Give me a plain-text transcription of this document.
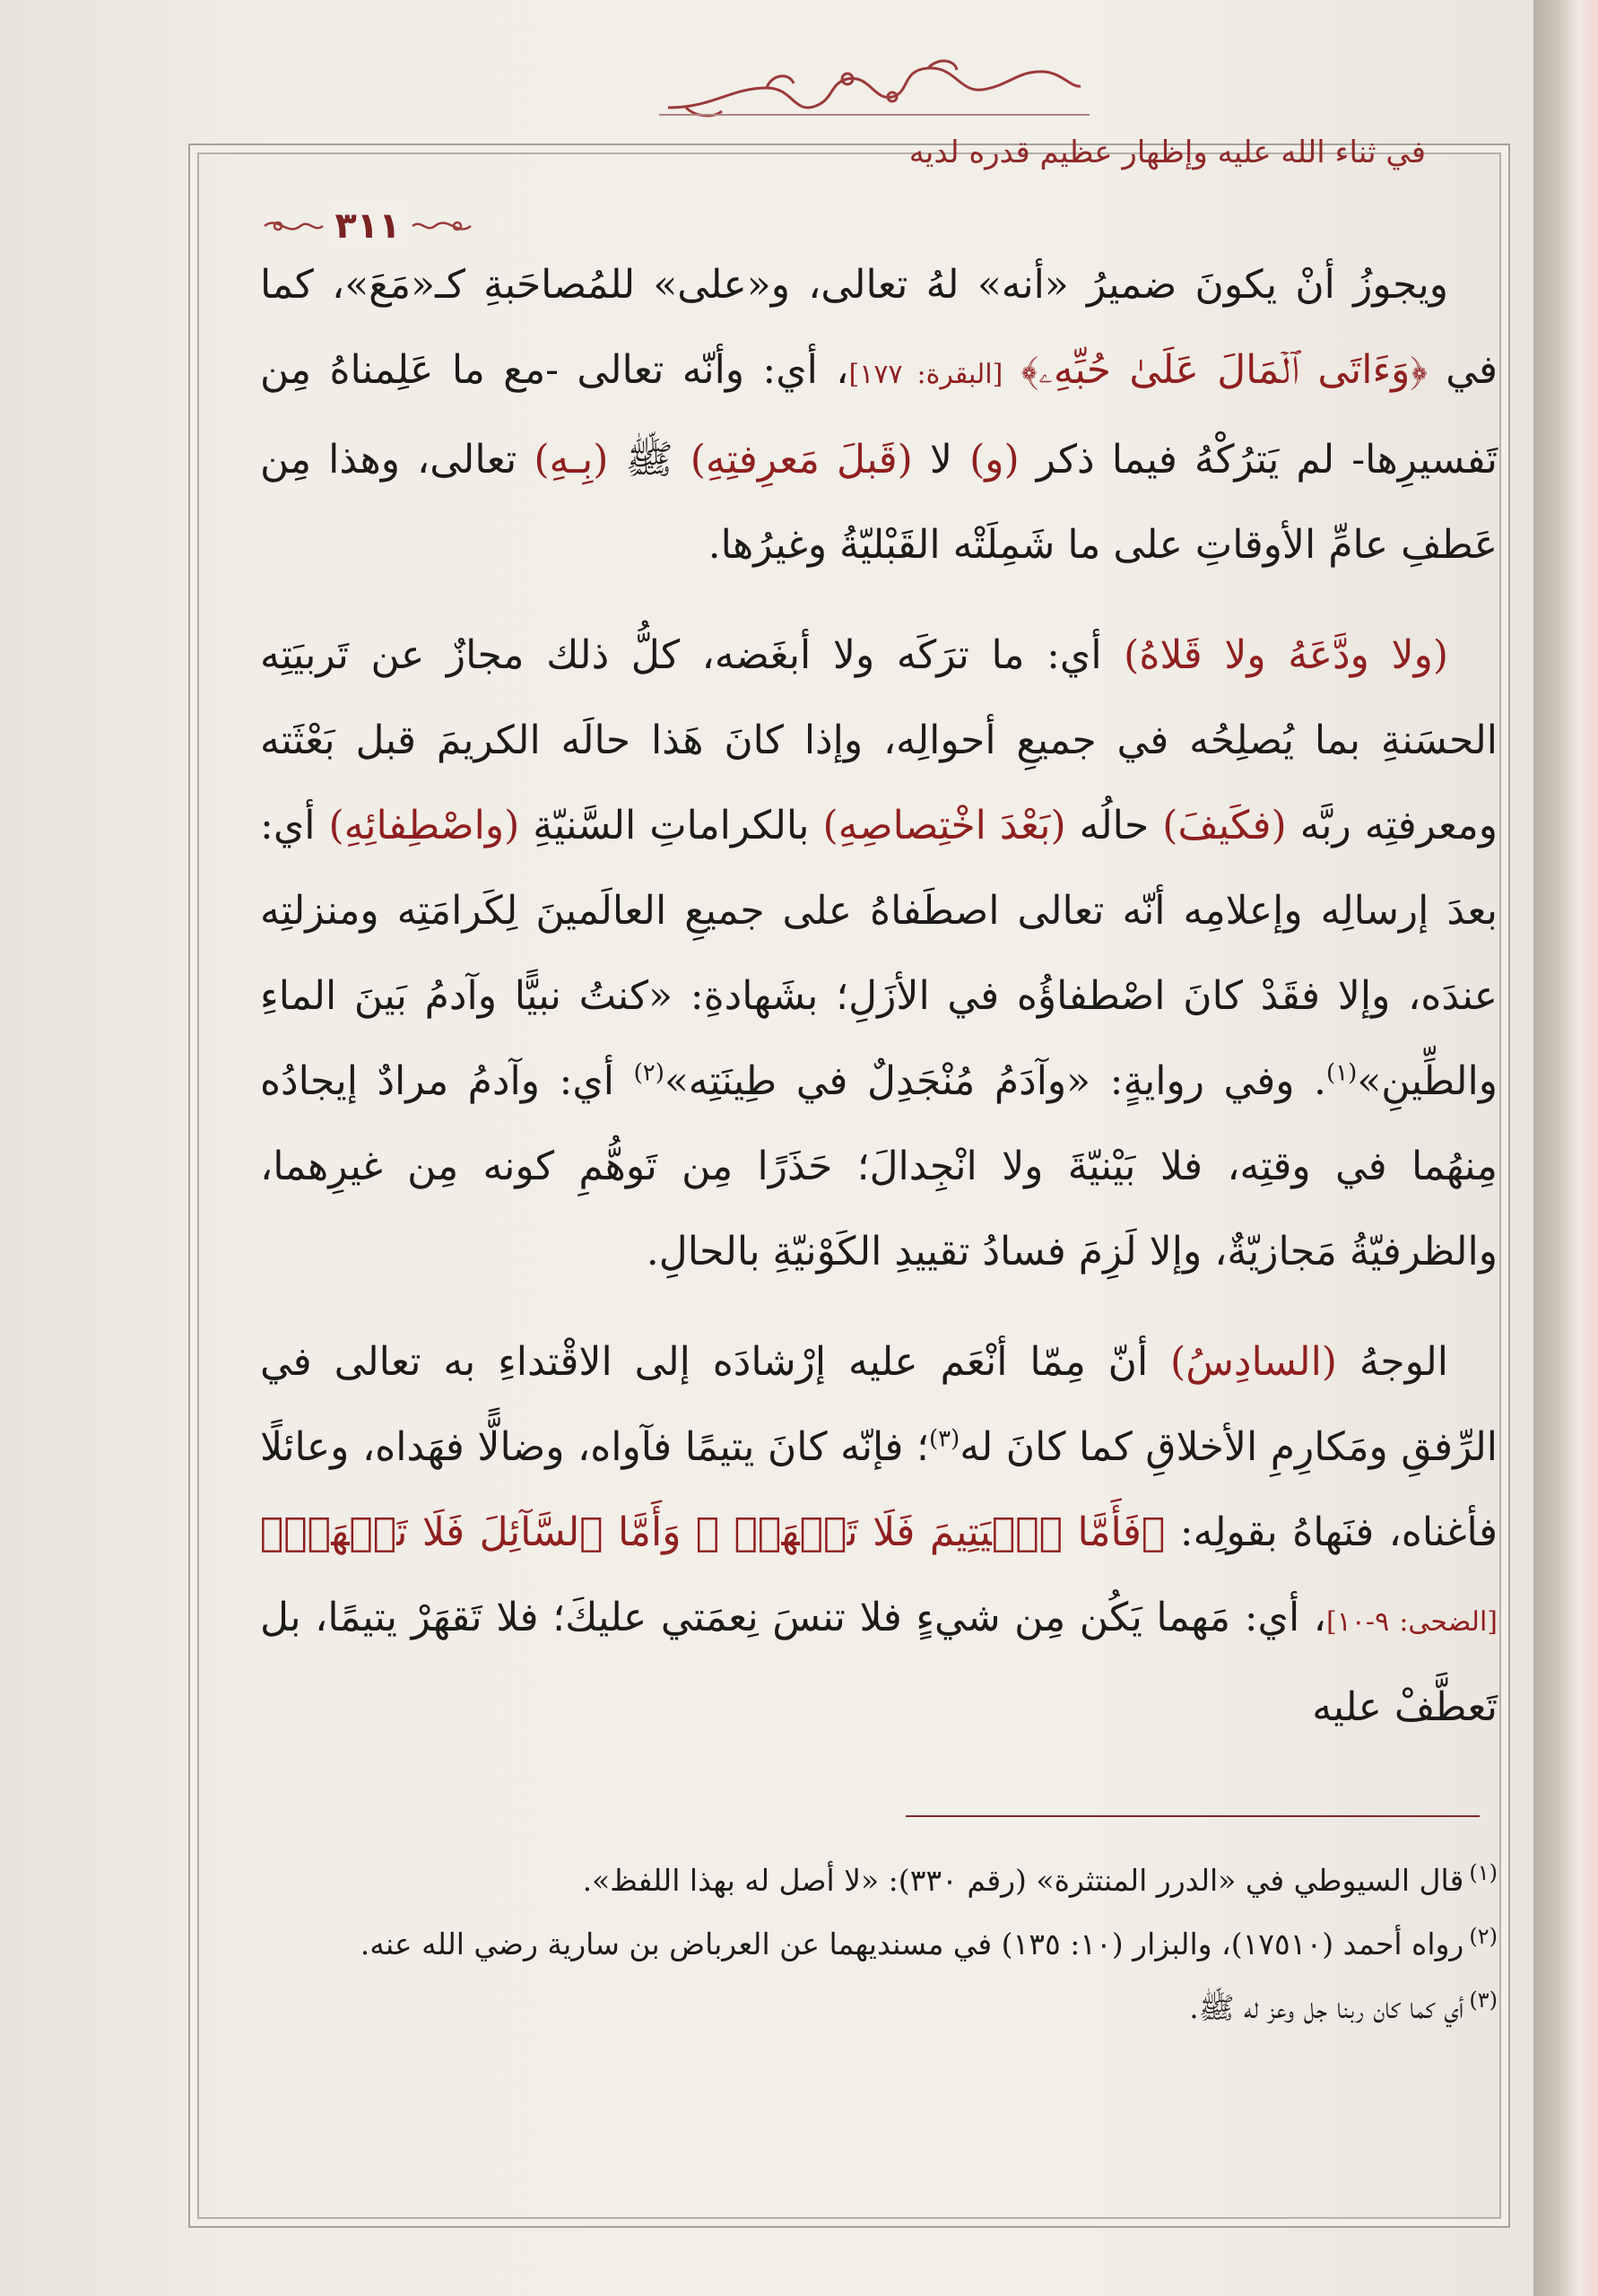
في ثناء الله عليه وإظهار عظيم قدره لديه
٣١١

ويجوزُ أنْ يكونَ ضميرُ «أنه» لهُ تعالى، و«على» للمُصاحَبةِ كـ«مَعَ»، كما في ﴿وَءَاتَى ٱلۡمَالَ عَلَىٰ حُبِّهِۦ﴾ [البقرة: ١٧٧]، أي: وأنّه تعالى -مع ما عَلِمناهُ مِن تَفسيرِها- لم يَترُكْهُ فيما ذكر (و) لا (قَبلَ مَعرِفتِهِ) ﷺ (بِـهِ) تعالى، وهذا مِن عَطفِ عامِّ الأوقاتِ على ما شَمِلَتْه القَبْليّةُ وغيرُها.

(ولا ودَّعَهُ ولا قَلاهُ) أي: ما ترَكَه ولا أبغَضه، كلُّ ذلك مجازٌ عن تَربيَتِه الحسَنةِ بما يُصلِحُه في جميعِ أحوالِه، وإذا كانَ هَذا حالَه الكريمَ قبل بَعْثَته ومعرفتِه ربَّه (فكَيفَ) حالُه (بَعْدَ اخْتِصاصِهِ) بالكراماتِ السَّنيّةِ (واصْطِفائِهِ) أي: بعدَ إرسالِه وإعلامِه أنّه تعالى اصطَفاهُ على جميعِ العالَمينَ لِكَرامَتِه ومنزلتِه عندَه، وإلا فقَدْ كانَ اصْطفاؤُه في الأزَلِ؛ بشَهادةِ: «كنتُ نبيًّا وآدمُ بَينَ الماءِ والطِّينِ»$^{(١)}$. وفي روايةٍ: «وآدَمُ مُنْجَدِلٌ في طِينَتِه»$^{(٢)}$ أي: وآدمُ مرادٌ إيجادُه مِنهُما في وقتِه، فلا بَيْنيّةَ ولا انْجِدالَ؛ حَذَرًا مِن تَوهُّمِ كونه مِن غيرِهما، والظرفيّةُ مَجازيّةٌ، وإلا لَزِمَ فسادُ تقييدِ الكَوْنيّةِ بالحالِ.

الوجهُ (السادِسُ) أنّ مِمّا أنْعَم عليه إرْشادَه إلى الاقْتداءِ به تعالى في الرِّفقِ ومَكارِمِ الأخلاقِ كما كانَ له$^{(٣)}$؛ فإنّه كانَ يتيمًا فآواه، وضالًّا فهَداه، وعائلًا فأغناه، فنَهاهُ بقولِه: ﴿فَأَمَّا ٱلۡيَتِيمَ فَلَا تَقۡهَرۡ ۞ وَأَمَّا ٱلسَّآئِلَ فَلَا تَنۡهَرۡ﴾ [الضحى: ٩-١٠]، أي: مَهما يَكُن مِن شيءٍ فلا تنسَ نِعمَتي عليكَ؛ فلا تَقهَرْ يتيمًا، بل تَعطَّفْ عليه

$^{(١)}$قال السيوطي في «الدرر المنتثرة» (رقم ٣٣٠): «لا أصل له بهذا اللفظ».

$^{(٢)}$رواه أحمد (١٧٥١٠)، والبزار (١٠: ١٣٥) في مسنديهما عن العرباض بن سارية رضي الله عنه.

$^{(٣)}$أي كما كان ربنا جل وعز له ﷺ.
